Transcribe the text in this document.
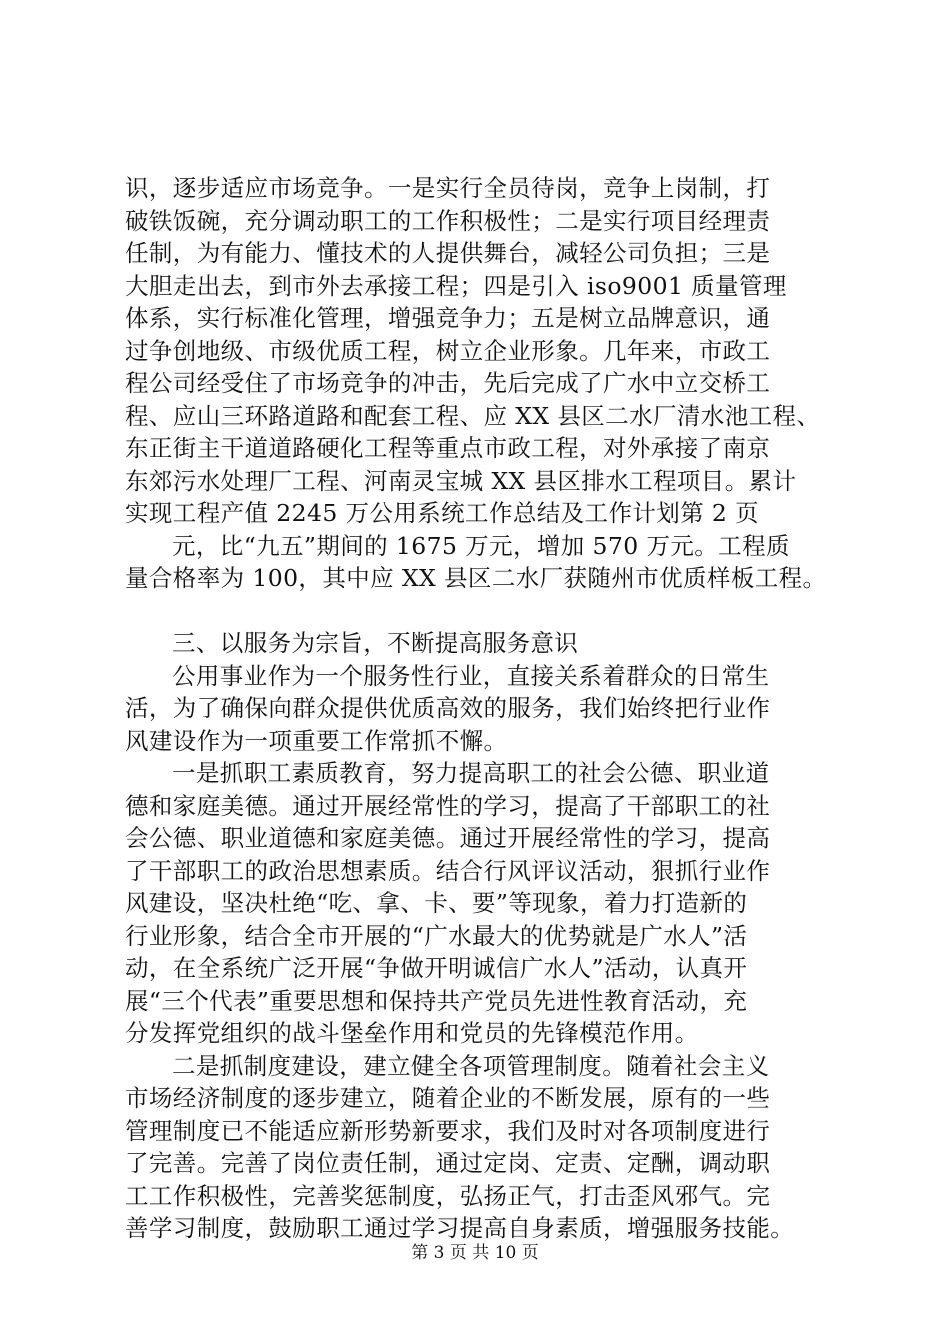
识，逐步适应市场竞争。一是实行全员待岗，竞争上岗制，打
破铁饭碗，充分调动职工的工作积极性；二是实行项目经理责
任制，为有能力、懂技术的人提供舞台，减轻公司负担；三是
大胆走出去，到市外去承接工程；四是引入 iso9001 质量管理
体系，实行标准化管理，增强竞争力；五是树立品牌意识，通
过争创地级、市级优质工程，树立企业形象。几年来，市政工
程公司经受住了市场竞争的冲击，先后完成了广水中立交桥工
程、应山三环路道路和配套工程、应 XX 县区二水厂清水池工程、
东正街主干道道路硬化工程等重点市政工程，对外承接了南京
东郊污水处理厂工程、河南灵宝城 XX 县区排水工程项目。累计
实现工程产值 2245 万公用系统工作总结及工作计划第 2 页
元，比“九五”期间的 1675 万元，增加 570 万元。工程质
量合格率为 100，其中应 XX 县区二水厂获随州市优质样板工程。
三、以服务为宗旨，不断提高服务意识
公用事业作为一个服务性行业，直接关系着群众的日常生
活，为了确保向群众提供优质高效的服务，我们始终把行业作
风建设作为一项重要工作常抓不懈。
一是抓职工素质教育，努力提高职工的社会公德、职业道
德和家庭美德。通过开展经常性的学习，提高了干部职工的社
会公德、职业道德和家庭美德。通过开展经常性的学习，提高
了干部职工的政治思想素质。结合行风评议活动，狠抓行业作
风建设，坚决杜绝“吃、拿、卡、要”等现象，着力打造新的
行业形象，结合全市开展的“广水最大的优势就是广水人”活
动，在全系统广泛开展“争做开明诚信广水人”活动，认真开
展“三个代表”重要思想和保持共产党员先进性教育活动，充
分发挥党组织的战斗堡垒作用和党员的先锋模范作用。
二是抓制度建设，建立健全各项管理制度。随着社会主义
市场经济制度的逐步建立，随着企业的不断发展，原有的一些
管理制度已不能适应新形势新要求，我们及时对各项制度进行
了完善。完善了岗位责任制，通过定岗、定责、定酬，调动职
工工作积极性，完善奖惩制度，弘扬正气，打击歪风邪气。完
善学习制度，鼓励职工通过学习提高自身素质，增强服务技能。
第 3 页 共 10 页
